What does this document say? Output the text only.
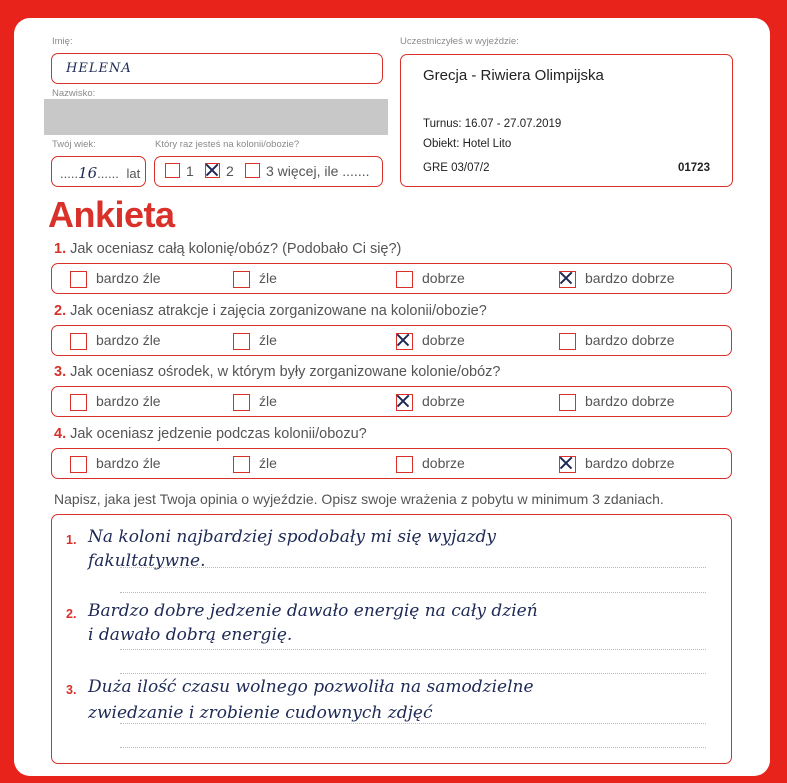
Imię:
HELENA
Nazwisko:
Twój wiek:
.....16...... lat
Który raz jesteś na kolonii/obozie?
1 2 3 więcej, ile .......
Uczestniczyłeś w wyjeździe:
Grecja - Riwiera Olimpijska
Turnus: 16.07 - 27.07.2019
Obiekt: Hotel Lito
GRE 03/07/2	01723
Ankieta
1. Jak oceniasz całą kolonię/obóz? (Podobało Ci się?)
bardzo źle	źle	dobrze	bardzo dobrze
2. Jak oceniasz atrakcje i zajęcia zorganizowane na kolonii/obozie?
bardzo źle	źle	dobrze	bardzo dobrze
3. Jak oceniasz ośrodek, w którym były zorganizowane kolonie/obóz?
bardzo źle	źle	dobrze	bardzo dobrze
4. Jak oceniasz jedzenie podczas kolonii/obozu?
bardzo źle	źle	dobrze	bardzo dobrze
Napisz, jaka jest Twoja opinia o wyjeździe. Opisz swoje wrażenia z pobytu w minimum 3 zdaniach.
1. Na koloni najbardziej spodobały mi się wyjazdy
fakultatywne.
2. Bardzo dobre jedzenie dawało energię na cały dzień
i dawało dobrą energię.
3. Duża ilość czasu wolnego pozwoliła na samodzielne
zwiedzanie i zrobienie cudownych zdjęć
